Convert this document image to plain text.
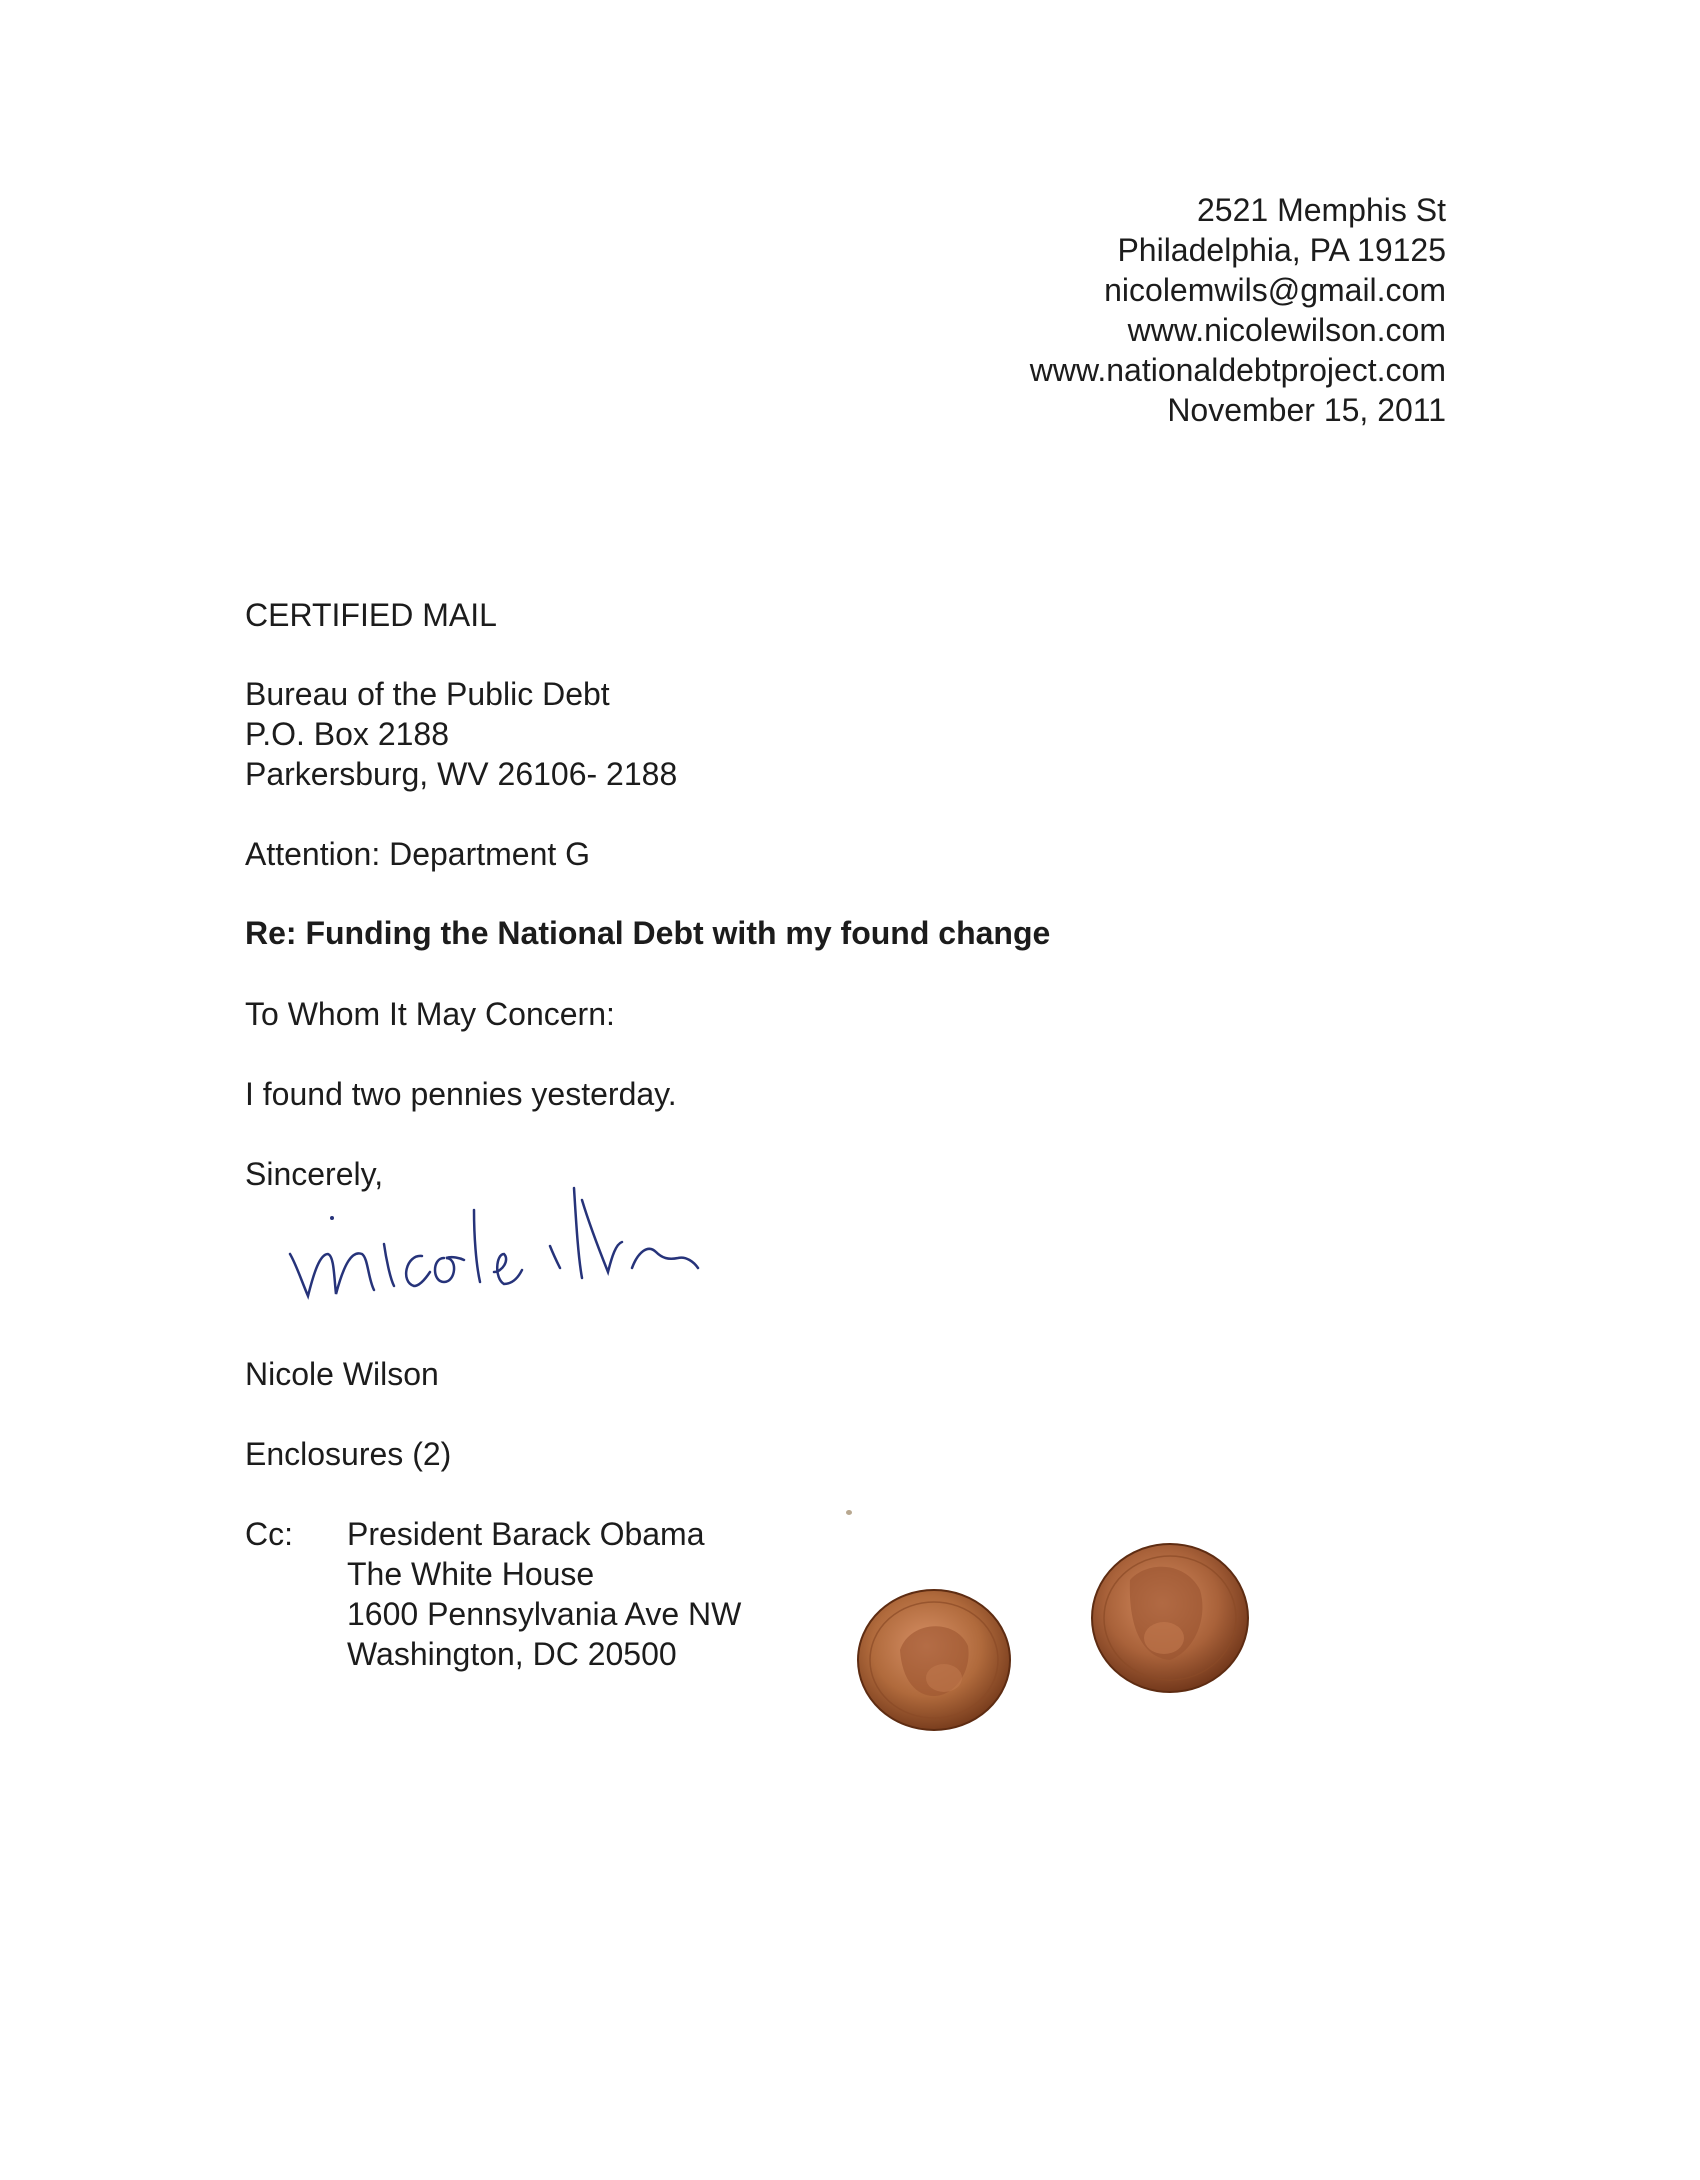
2521 Memphis St
Philadelphia, PA 19125
nicolemwils@gmail.com
www.nicolewilson.com
www.nationaldebtproject.com
November 15, 2011
CERTIFIED MAIL
Bureau of the Public Debt
P.O. Box 2188
Parkersburg, WV 26106- 2188
Attention: Department G
Re: Funding the National Debt with my found change
To Whom It May Concern:
I found two pennies yesterday.
Sincerely,
Nicole Wilson
Enclosures (2)
Cc: President Barack Obama
The White House
1600 Pennsylvania Ave NW
Washington, DC 20500
